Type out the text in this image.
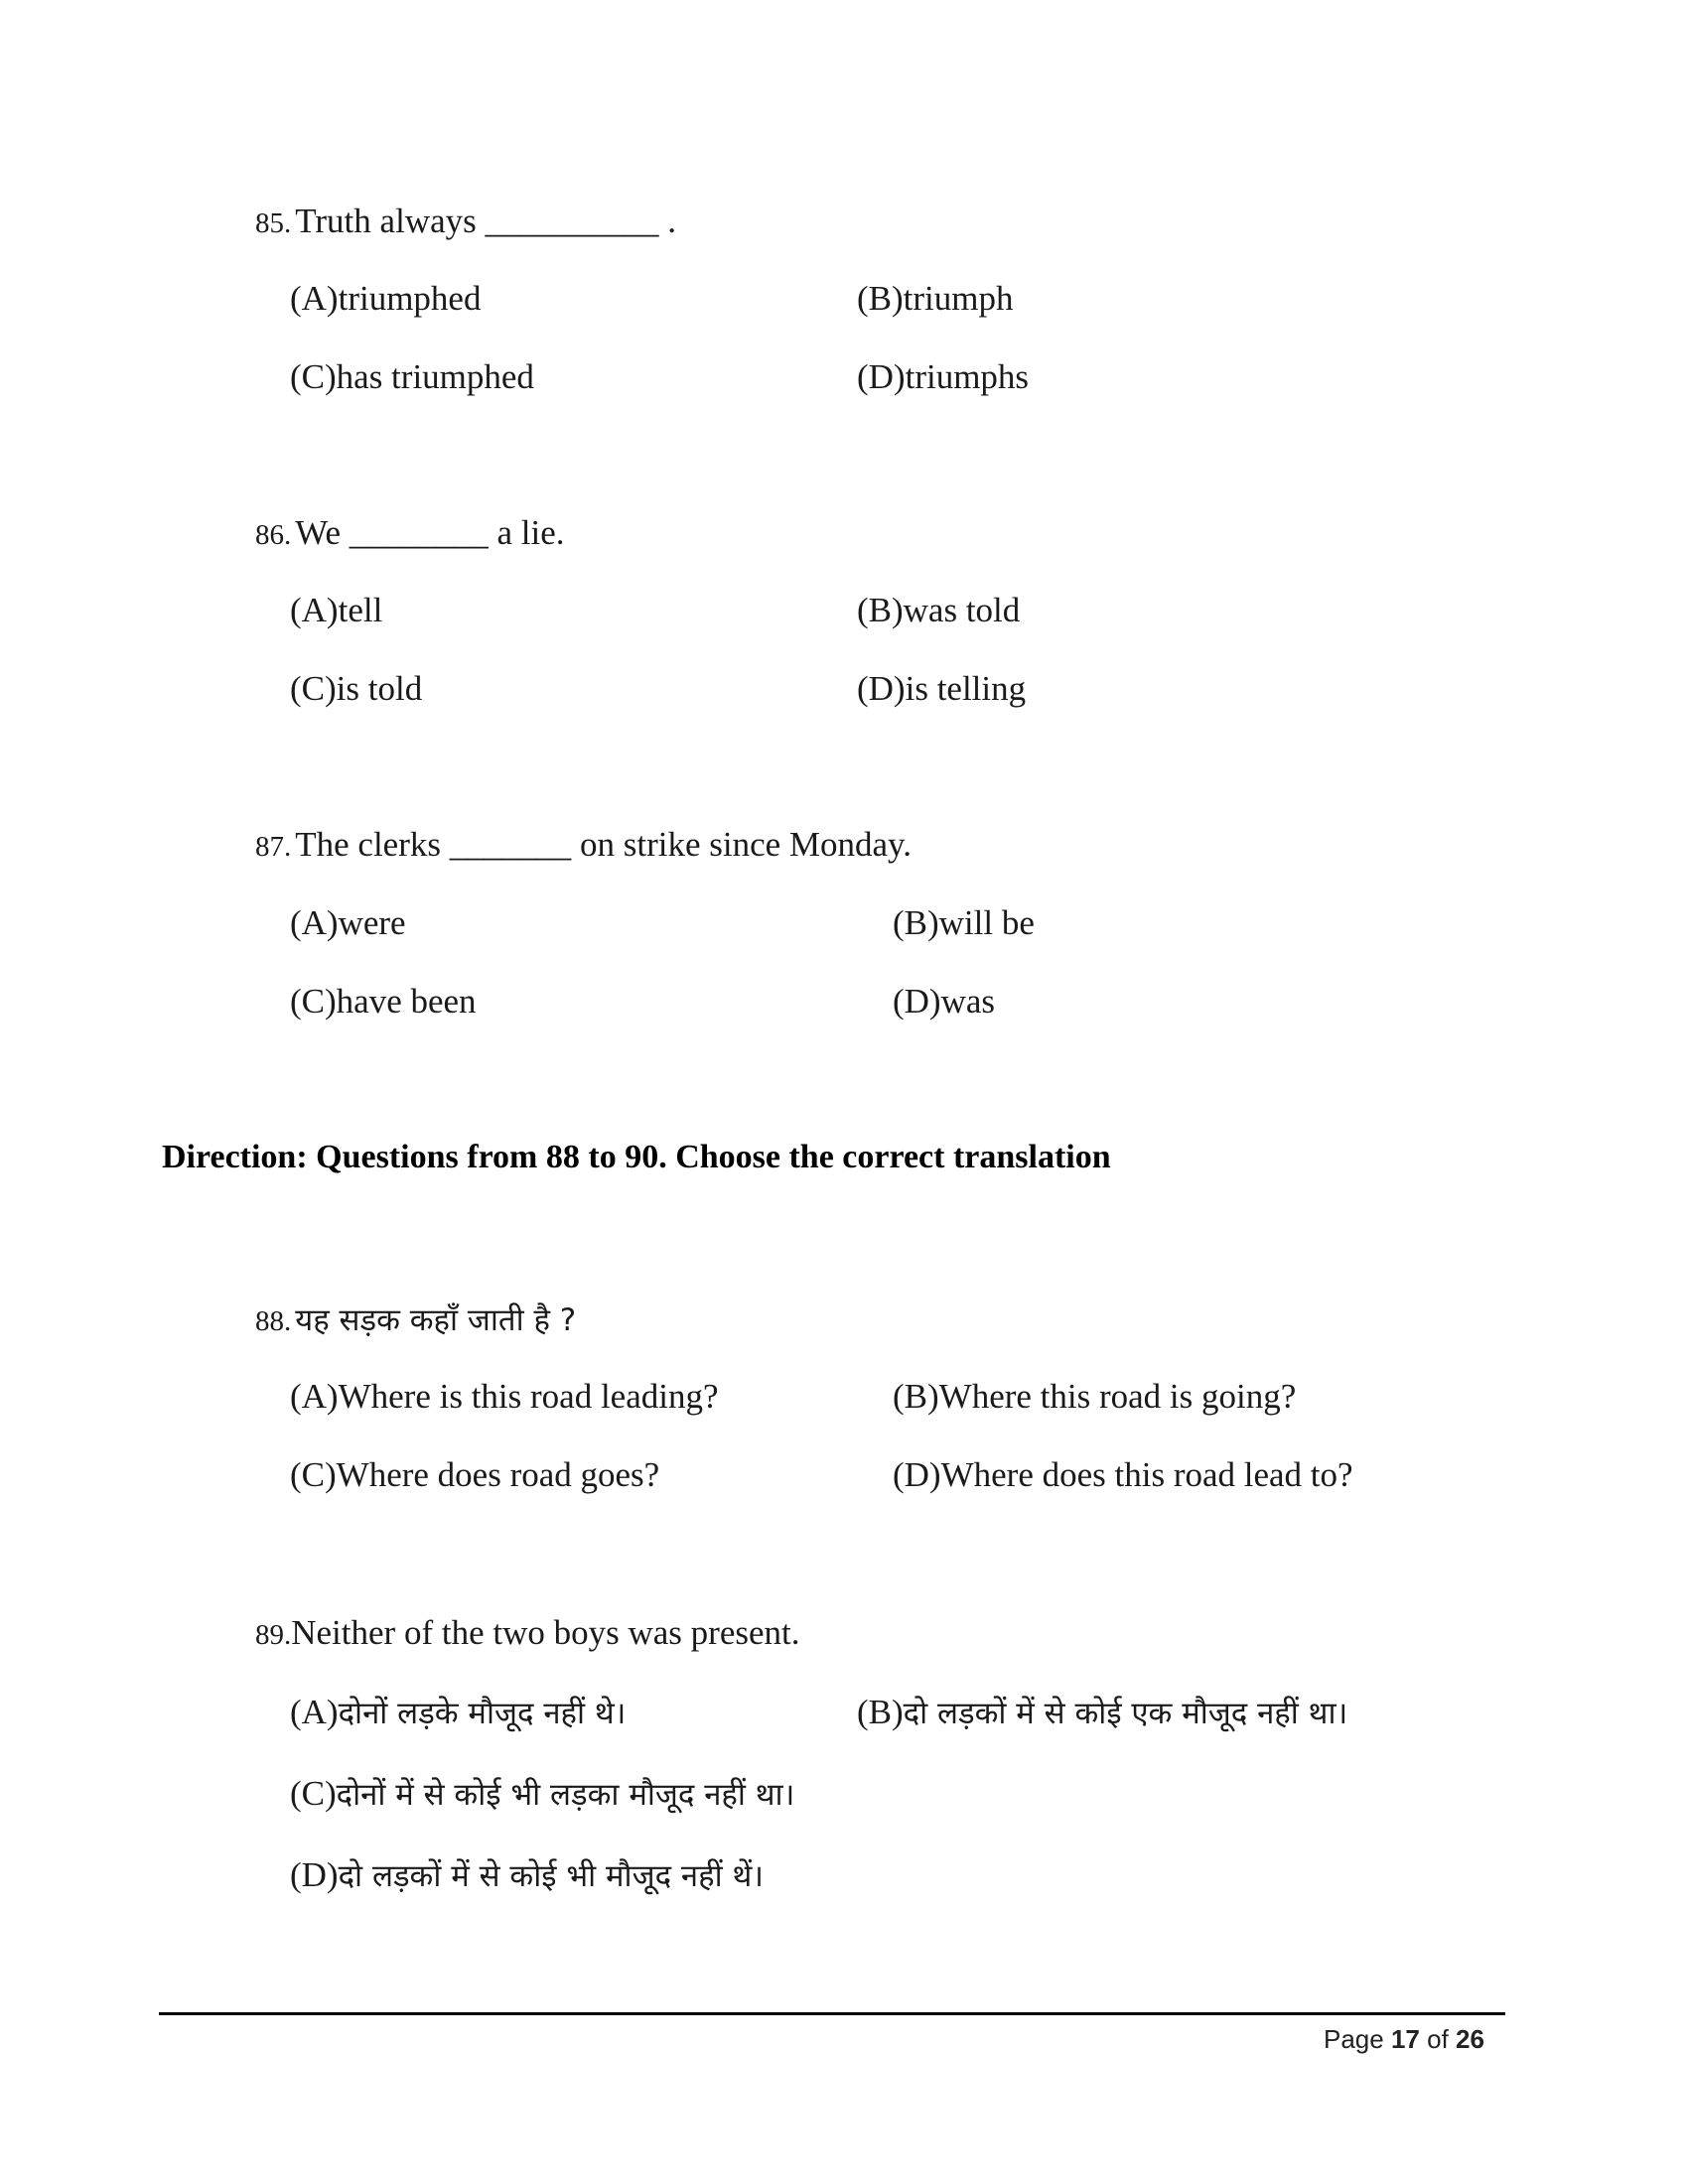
85. Truth always __________ .
(A)triumphed	(B)triumph
(C)has triumphed	(D)triumphs
86. We ________ a lie.
(A)tell	(B)was told
(C)is told	(D)is telling
87. The clerks _______ on strike since Monday.
(A)were	(B)will be
(C)have been	(D)was
Direction: Questions from 88 to 90. Choose the correct translation
88. यह सड़क कहाँ जाती है ?
(A)Where is this road leading?	(B)Where this road is going?
(C)Where does road goes?	(D)Where does this road lead to?
89.Neither of the two boys was present.
(A)दोनों लड़के मौजूद नहीं थे।	(B)दो लड़कों में से कोई एक मौजूद नहीं था।
(C)दोनों में से कोई भी लड़का मौजूद नहीं था।
(D)दो लड़कों में से कोई भी मौजूद नहीं थें।
Page 17 of 26
